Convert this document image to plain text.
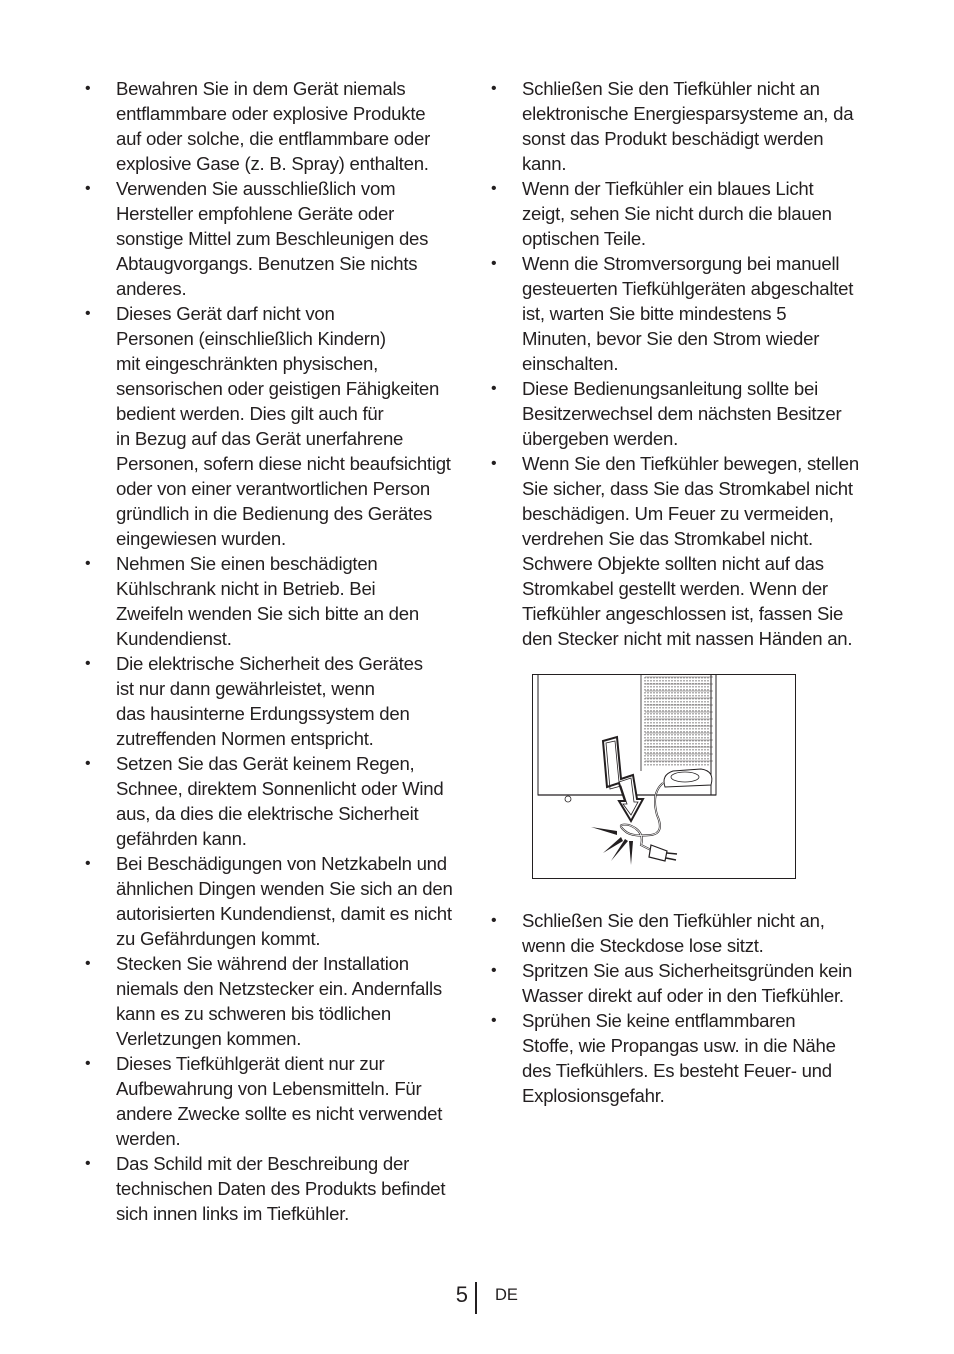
• Bewahren Sie in dem Gerät niemals
entflammbare oder explosive Produkte
auf oder solche, die entflammbare oder
explosive Gase (z. B. Spray) enthalten.
• Verwenden Sie ausschließlich vom
Hersteller empfohlene Geräte oder
sonstige Mittel zum Beschleunigen des
Abtaugvorgangs. Benutzen Sie nichts
anderes.
• Dieses Gerät darf nicht von
Personen (einschließlich Kindern)
mit eingeschränkten physischen,
sensorischen oder geistigen Fähigkeiten
bedient werden. Dies gilt auch für
in Bezug auf das Gerät unerfahrene
Personen, sofern diese nicht beaufsichtigt
oder von einer verantwortlichen Person
gründlich in die Bedienung des Gerätes
eingewiesen wurden.
• Nehmen Sie einen beschädigten
Kühlschrank nicht in Betrieb. Bei
Zweifeln wenden Sie sich bitte an den
Kundendienst.
• Die elektrische Sicherheit des Gerätes
ist nur dann gewährleistet, wenn
das hausinterne Erdungssystem den
zutreffenden Normen entspricht.
• Setzen Sie das Gerät keinem Regen,
Schnee, direktem Sonnenlicht oder Wind
aus, da dies die elektrische Sicherheit
gefährden kann.
• Bei Beschädigungen von Netzkabeln und
ähnlichen Dingen wenden Sie sich an den
autorisierten Kundendienst, damit es nicht
zu Gefährdungen kommt.
• Stecken Sie während der Installation
niemals den Netzstecker ein. Andernfalls
kann es zu schweren bis tödlichen
Verletzungen kommen.
• Dieses Tiefkühlgerät dient nur zur
Aufbewahrung von Lebensmitteln. Für
andere Zwecke sollte es nicht verwendet
werden.
• Das Schild mit der Beschreibung der
technischen Daten des Produkts befindet
sich innen links im Tiefkühler.
• Schließen Sie den Tiefkühler nicht an
elektronische Energiesparsysteme an, da
sonst das Produkt beschädigt werden
kann.
• Wenn der Tiefkühler ein blaues Licht
zeigt, sehen Sie nicht durch die blauen
optischen Teile.
• Wenn die Stromversorgung bei manuell
gesteuerten Tiefkühlgeräten abgeschaltet
ist, warten Sie bitte mindestens 5
Minuten, bevor Sie den Strom wieder
einschalten.
• Diese Bedienungsanleitung sollte bei
Besitzerwechsel dem nächsten Besitzer
übergeben werden.
• Wenn Sie den Tiefkühler bewegen, stellen
Sie sicher, dass Sie das Stromkabel nicht
beschädigen. Um Feuer zu vermeiden,
verdrehen Sie das Stromkabel nicht.
Schwere Objekte sollten nicht auf das
Stromkabel gestellt werden. Wenn der
Tiefkühler angeschlossen ist, fassen Sie
den Stecker nicht mit nassen Händen an.
• Schließen Sie den Tiefkühler nicht an,
wenn die Steckdose lose sitzt.
• Spritzen Sie aus Sicherheitsgründen kein
Wasser direkt auf oder in den Tiefkühler.
• Sprühen Sie keine entflammbaren
Stoffe, wie Propangas usw. in die Nähe
des Tiefkühlers. Es besteht Feuer- und
Explosionsgefahr.
5 DE
